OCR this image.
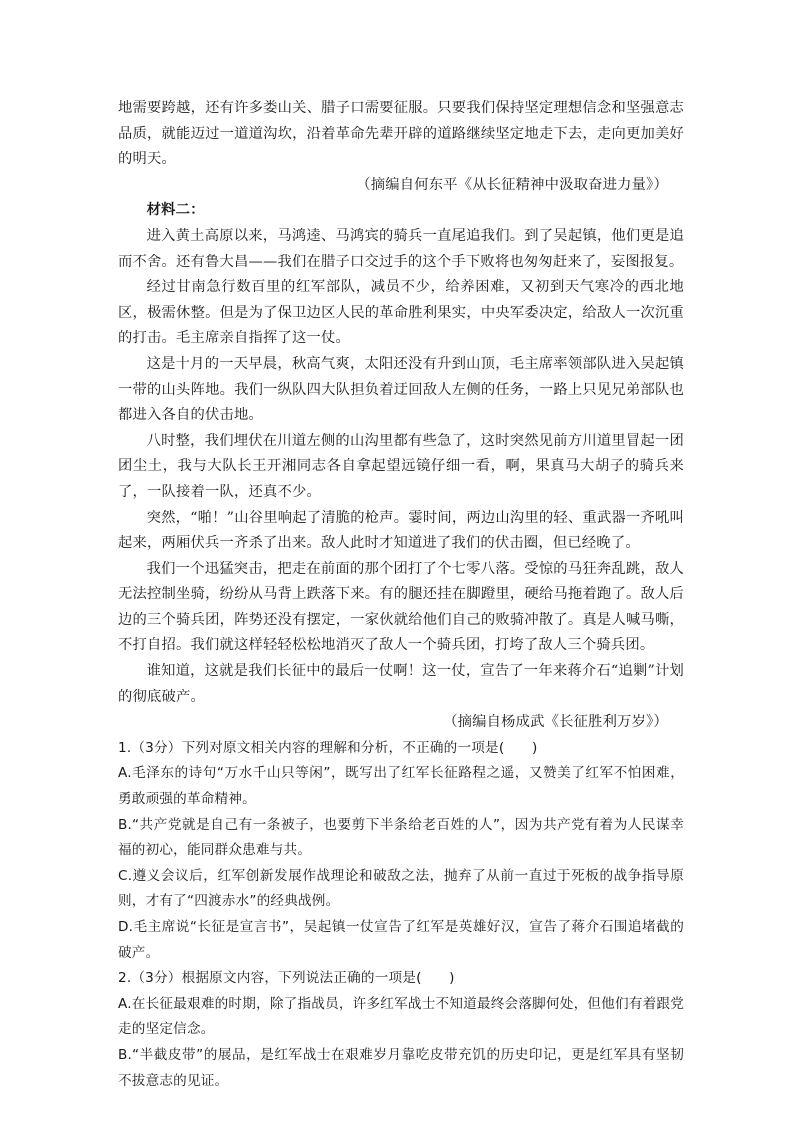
地需要跨越，还有许多娄山关、腊子口需要征服。只要我们保持坚定理想信念和坚强意志品质，就能迈过一道道沟坎，沿着革命先辈开辟的道路继续坚定地走下去，走向更加美好的明天。

（摘编自何东平《从长征精神中汲取奋进力量》）

材料二：

进入黄土高原以来，马鸿逵、马鸿宾的骑兵一直尾追我们。到了吴起镇，他们更是追而不舍。还有鲁大昌——我们在腊子口交过手的这个手下败将也匆匆赶来了，妄图报复。

经过甘南急行数百里的红军部队，减员不少，给养困难，又初到天气寒冷的西北地区，极需休整。但是为了保卫边区人民的革命胜利果实，中央军委决定，给敌人一次沉重的打击。毛主席亲自指挥了这一仗。

这是十月的一天早晨，秋高气爽，太阳还没有升到山顶，毛主席率领部队进入吴起镇一带的山头阵地。我们一纵队四大队担负着迂回敌人左侧的任务，一路上只见兄弟部队也都进入各自的伏击地。

八时整，我们埋伏在川道左侧的山沟里都有些急了，这时突然见前方川道里冒起一团团尘土，我与大队长王开湘同志各自拿起望远镜仔细一看，啊，果真马大胡子的骑兵来了，一队接着一队，还真不少。

突然，“啪！”山谷里响起了清脆的枪声。霎时间，两边山沟里的轻、重武器一齐吼叫起来，两厢伏兵一齐杀了出来。敌人此时才知道进了我们的伏击圈，但已经晚了。

我们一个迅猛突击，把走在前面的那个团打了个七零八落。受惊的马狂奔乱跳，敌人无法控制坐骑，纷纷从马背上跌落下来。有的腿还挂在脚蹬里，硬给马拖着跑了。敌人后边的三个骑兵团，阵势还没有摆定，一家伙就给他们自己的败骑冲散了。真是人喊马嘶，不打自招。我们就这样轻轻松松地消灭了敌人一个骑兵团，打垮了敌人三个骑兵团。

谁知道，这就是我们长征中的最后一仗啊！这一仗，宣告了一年来蒋介石“追剿”计划的彻底破产。

（摘编自杨成武《长征胜利万岁》）

1.（3分）下列对原文相关内容的理解和分析，不正确的一项是(　　)

A.毛泽东的诗句“万水千山只等闲”，既写出了红军长征路程之遥，又赞美了红军不怕困难，勇敢顽强的革命精神。

B.“共产党就是自己有一条被子，也要剪下半条给老百姓的人”，因为共产党有着为人民谋幸福的初心，能同群众患难与共。

C.遵义会议后，红军创新发展作战理论和破敌之法，抛弃了从前一直过于死板的战争指导原则，才有了“四渡赤水”的经典战例。

D.毛主席说“长征是宣言书”，吴起镇一仗宣告了红军是英雄好汉，宣告了蒋介石围追堵截的破产。

2.（3分）根据原文内容，下列说法正确的一项是(　　)

A.在长征最艰难的时期，除了指战员，许多红军战士不知道最终会落脚何处，但他们有着跟党走的坚定信念。

B.“半截皮带”的展品，是红军战士在艰难岁月靠吃皮带充饥的历史印记，更是红军具有坚韧不拔意志的见证。
